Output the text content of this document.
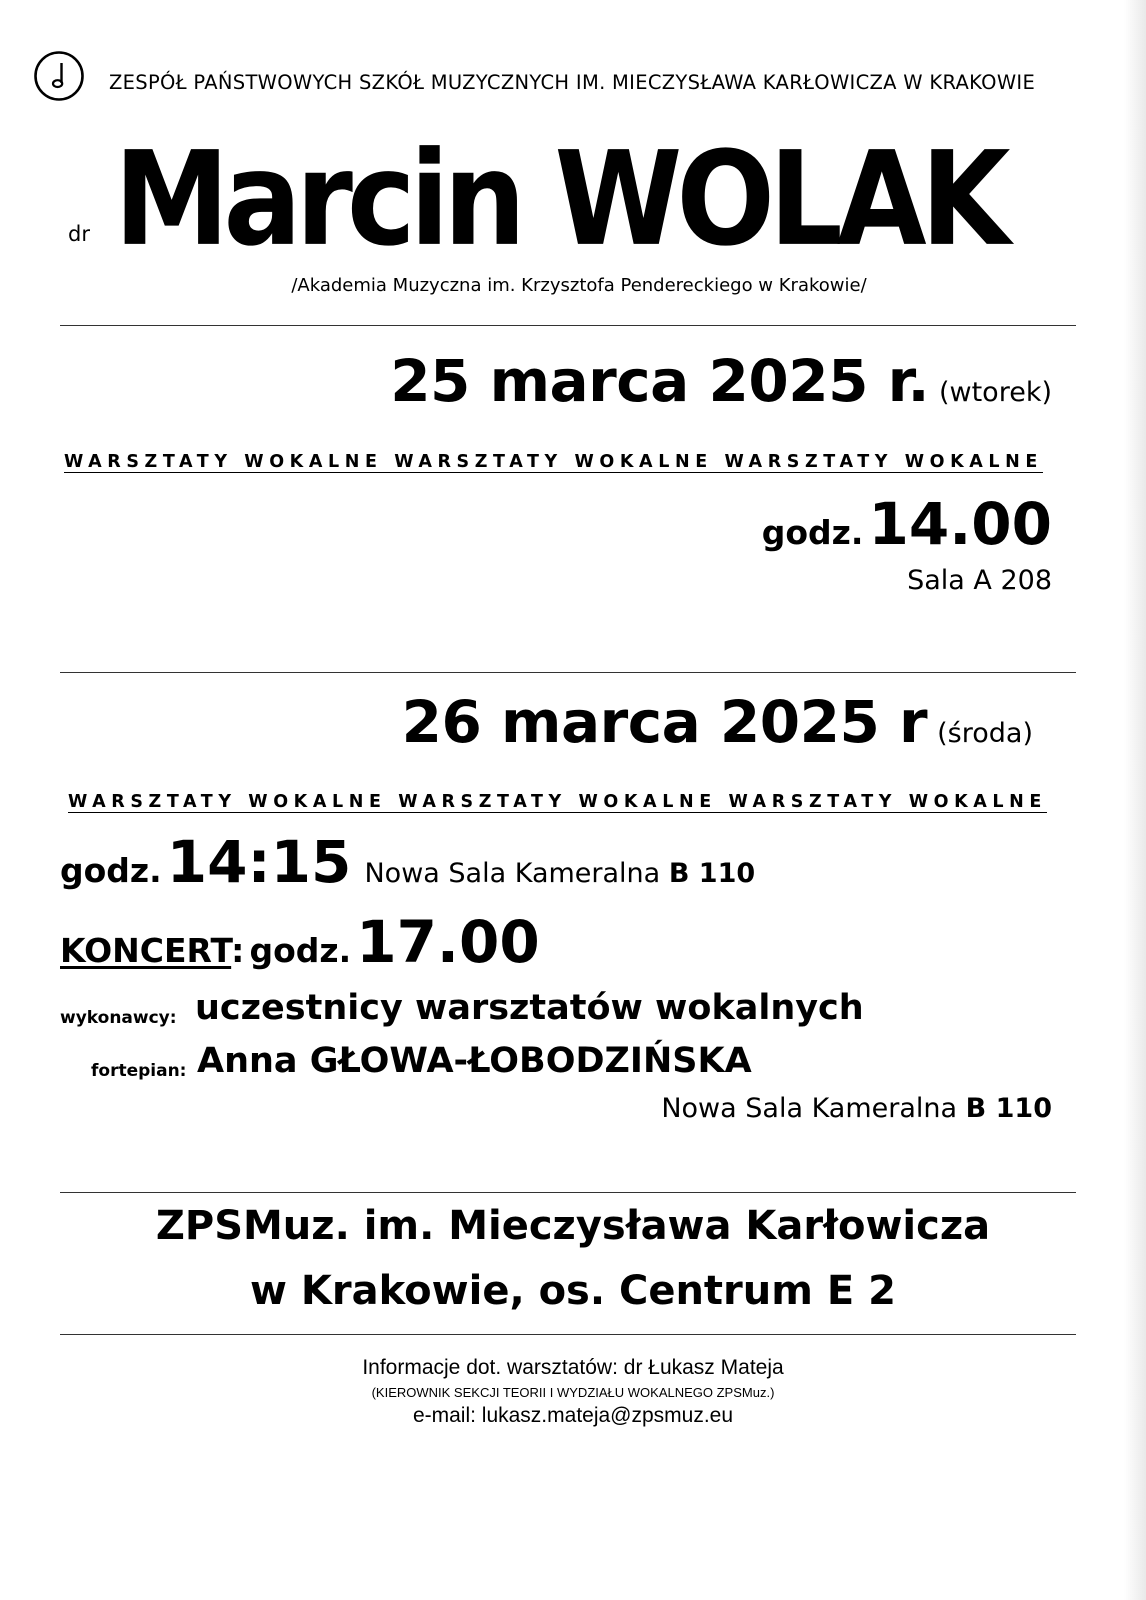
ZESPÓŁ PAŃSTWOWYCH SZKÓŁ MUZYCZNYCH IM. MIECZYSŁAWA KARŁOWICZA W KRAKOWIE
dr Marcin WOLAK
/Akademia Muzyczna im. Krzysztofa Pendereckiego w Krakowie/
25 marca 2025 r. (wtorek)
WARSZTATY WOKALNE WARSZTATY WOKALNE WARSZTATY WOKALNE
godz. 14.00
Sala A 208
26 marca 2025 r (środa)
WARSZTATY WOKALNE WARSZTATY WOKALNE WARSZTATY WOKALNE
godz. 14:15 Nowa Sala Kameralna B 110
KONCERT: godz. 17.00
wykonawcy: uczestnicy warsztatów wokalnych
fortepian: Anna GŁOWA-ŁOBODZIŃSKA
Nowa Sala Kameralna B 110
ZPSMuz. im. Mieczysława Karłowicza
w Krakowie, os. Centrum E 2
Informacje dot. warsztatów: dr Łukasz Mateja
(KIEROWNIK SEKCJI TEORII I WYDZIAŁU WOKALNEGO ZPSMuz.)
e-mail: lukasz.mateja@zpsmuz.eu
